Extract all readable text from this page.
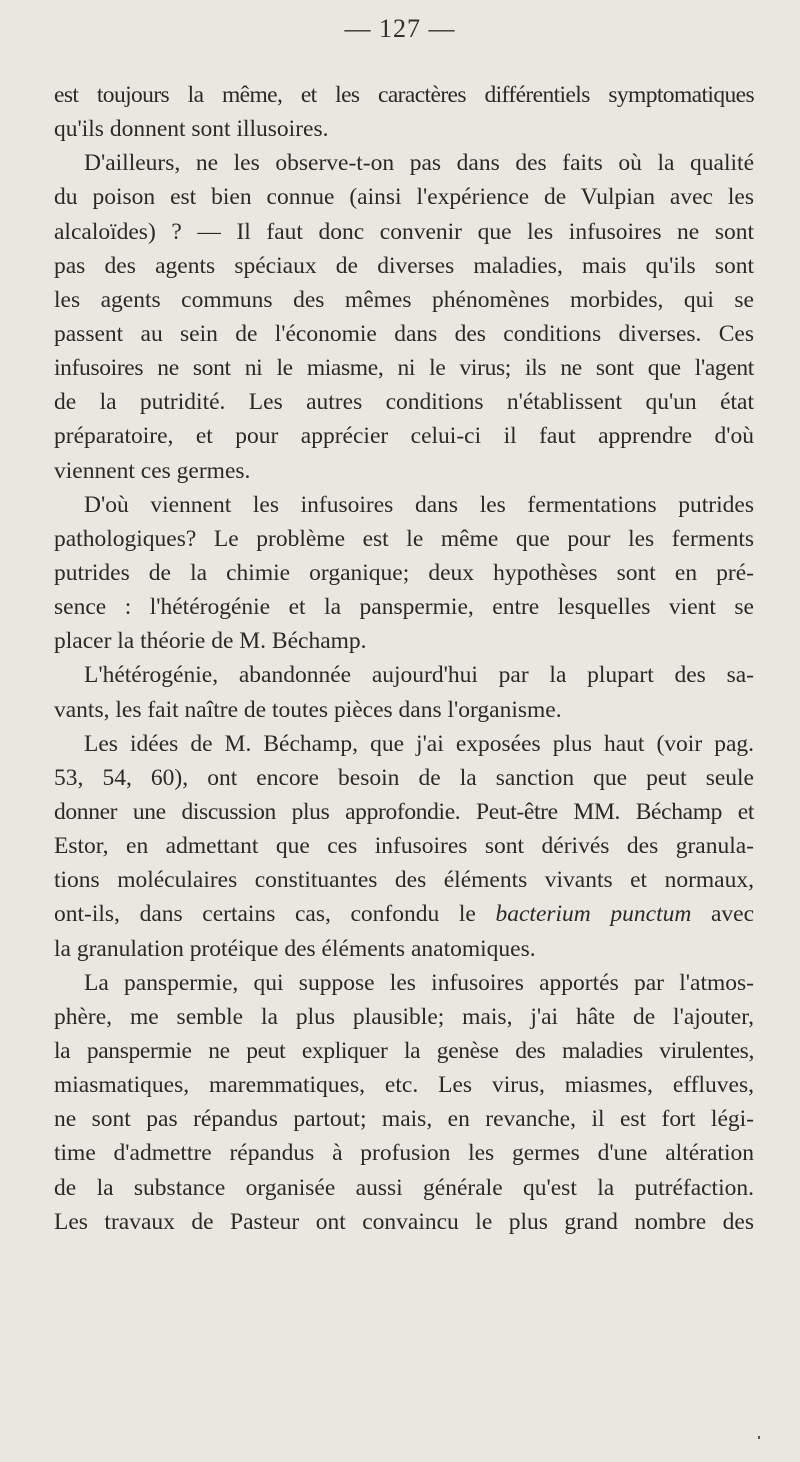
— 127 —
est toujours la même, et les caractères différentiels symptomatiques
qu'ils donnent sont illusoires.
D'ailleurs, ne les observe-t-on pas dans des faits où la qualité
du poison est bien connue (ainsi l'expérience de Vulpian avec les
alcaloïdes) ? — Il faut donc convenir que les infusoires ne sont
pas des agents spéciaux de diverses maladies, mais qu'ils sont
les agents communs des mêmes phénomènes morbides, qui se
passent au sein de l'économie dans des conditions diverses. Ces
infusoires ne sont ni le miasme, ni le virus; ils ne sont que l'agent
de la putridité. Les autres conditions n'établissent qu'un état
préparatoire, et pour apprécier celui-ci il faut apprendre d'où
viennent ces germes.
D'où viennent les infusoires dans les fermentations putrides
pathologiques? Le problème est le même que pour les ferments
putrides de la chimie organique; deux hypothèses sont en pré-
sence : l'hétérogénie et la panspermie, entre lesquelles vient se
placer la théorie de M. Béchamp.
L'hétérogénie, abandonnée aujourd'hui par la plupart des sa-
vants, les fait naître de toutes pièces dans l'organisme.
Les idées de M. Béchamp, que j'ai exposées plus haut (voir pag.
53, 54, 60), ont encore besoin de la sanction que peut seule
donner une discussion plus approfondie. Peut-être MM. Béchamp et
Estor, en admettant que ces infusoires sont dérivés des granula-
tions moléculaires constituantes des éléments vivants et normaux,
ont-ils, dans certains cas, confondu le bacterium punctum avec
la granulation protéique des éléments anatomiques.
La panspermie, qui suppose les infusoires apportés par l'atmos-
phère, me semble la plus plausible; mais, j'ai hâte de l'ajouter,
la panspermie ne peut expliquer la genèse des maladies virulentes,
miasmatiques, maremmatiques, etc. Les virus, miasmes, effluves,
ne sont pas répandus partout; mais, en revanche, il est fort légi-
time d'admettre répandus à profusion les germes d'une altération
de la substance organisée aussi générale qu'est la putréfaction.
Les travaux de Pasteur ont convaincu le plus grand nombre des
